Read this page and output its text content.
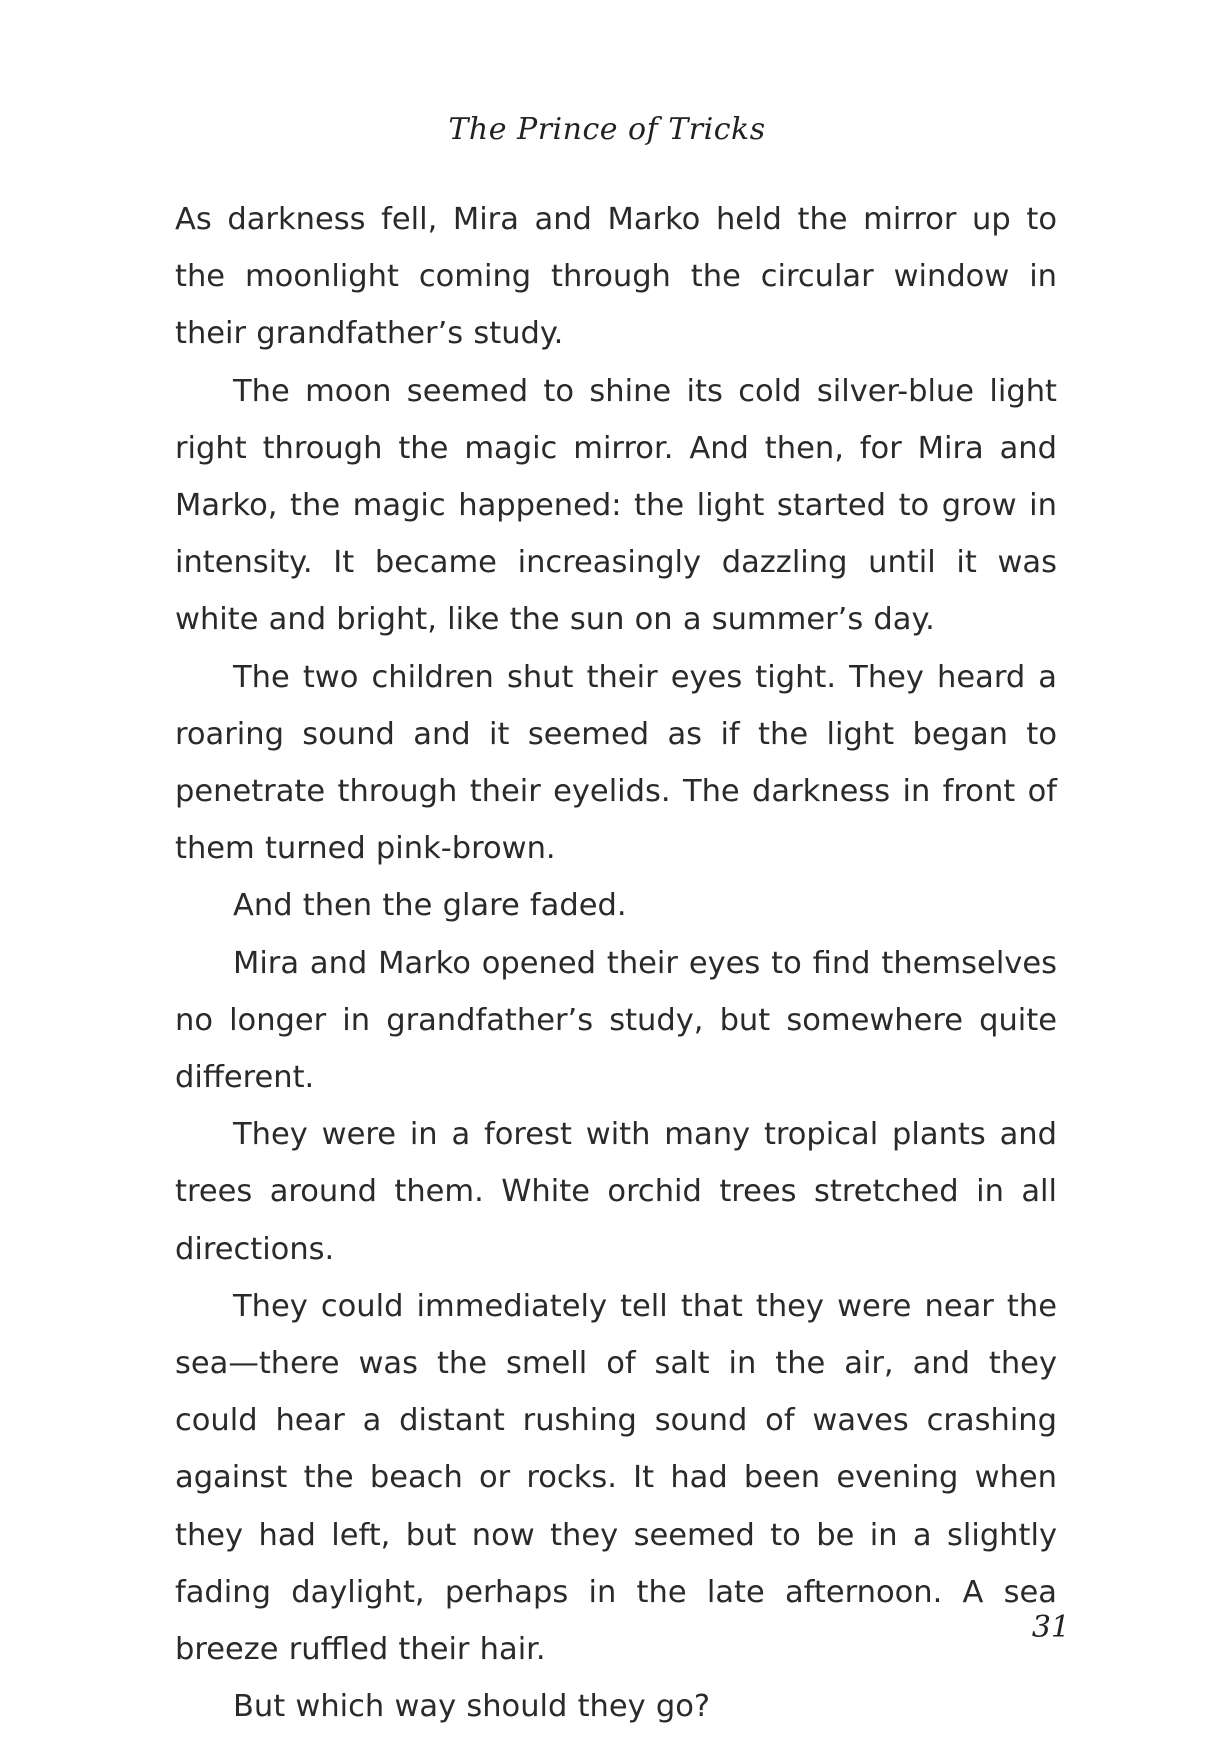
The Prince of Tricks

As darkness fell, Mira and Marko held the mirror up to the moonlight coming through the circular window in their grandfather’s study.

The moon seemed to shine its cold silver-blue light right through the magic mirror. And then, for Mira and Marko, the magic happened: the light started to grow in intensity. It became increasingly dazzling until it was white and bright, like the sun on a summer’s day.

The two children shut their eyes tight. They heard a roaring sound and it seemed as if the light began to penetrate through their eyelids. The darkness in front of them turned pink-brown.

And then the glare faded.

Mira and Marko opened their eyes to find themselves no longer in grandfather’s study, but somewhere quite different.

They were in a forest with many tropical plants and trees around them. White orchid trees stretched in all directions.

They could immediately tell that they were near the sea—there was the smell of salt in the air, and they could hear a distant rushing sound of waves crashing against the beach or rocks. It had been evening when they had left, but now they seemed to be in a slightly fading daylight, perhaps in the late afternoon. A sea breeze ruffled their hair.

But which way should they go?

31
